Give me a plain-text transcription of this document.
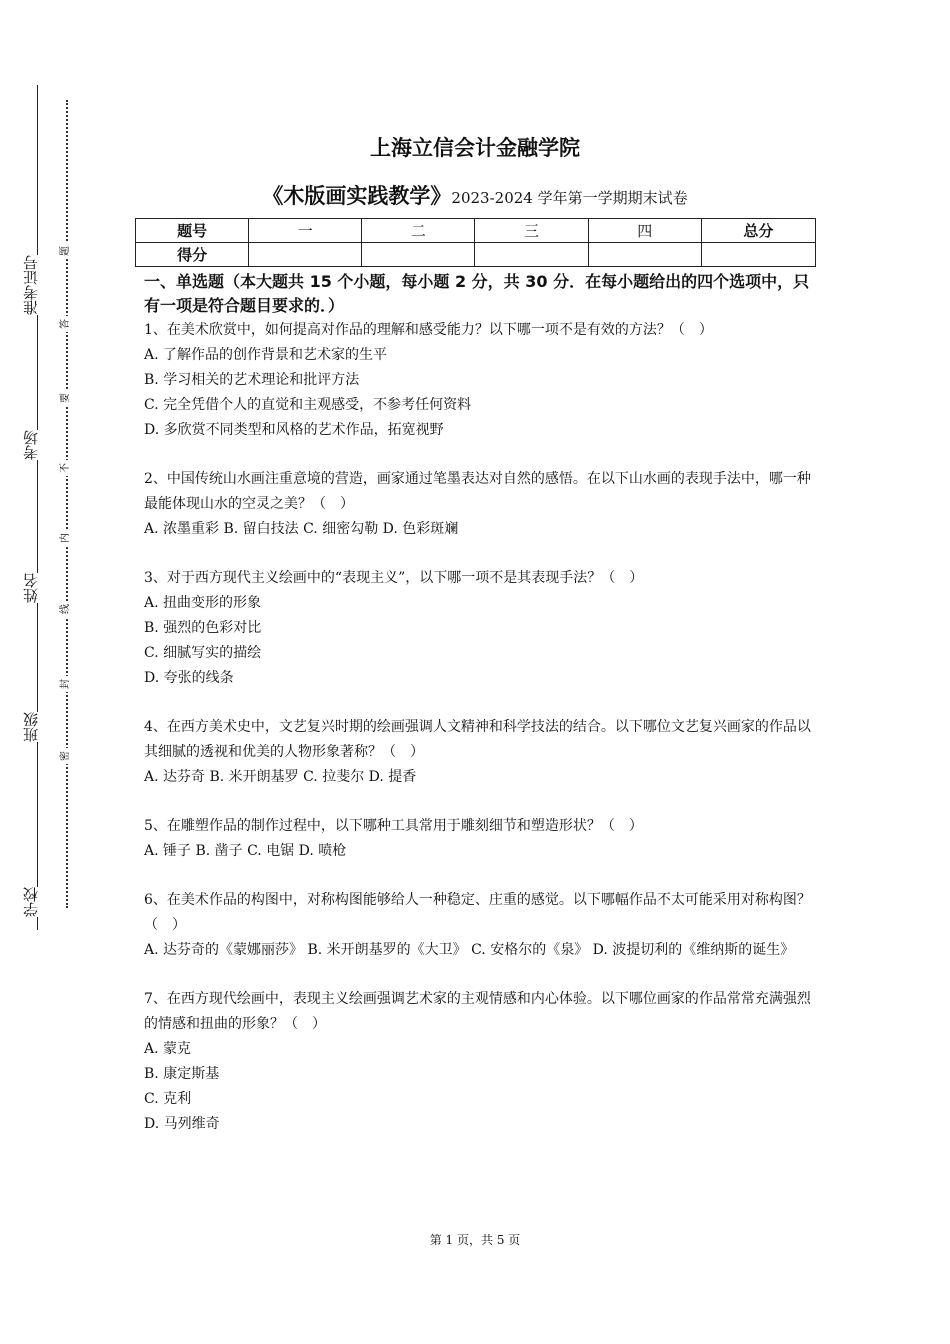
准考证号
考场
姓名
班级
学校
题
答
要
不
内
线
封
密
上海立信会计金融学院
《木版画实践教学》2023-2024 学年第一学期期末试卷
题号	一	二	三	四	总分
得分					

一、单选题（本大题共 15 个小题，每小题 2 分，共 30 分．在每小题给出的四个选项中，只有一项是符合题目要求的．）

1、在美术欣赏中，如何提高对作品的理解和感受能力？以下哪一项不是有效的方法？（　）

A. 了解作品的创作背景和艺术家的生平

B. 学习相关的艺术理论和批评方法

C. 完全凭借个人的直觉和主观感受，不参考任何资料

D. 多欣赏不同类型和风格的艺术作品，拓宽视野

2、中国传统山水画注重意境的营造，画家通过笔墨表达对自然的感悟。在以下山水画的表现手法中，哪一种最能体现山水的空灵之美？（　）

A. 浓墨重彩 B. 留白技法 C. 细密勾勒 D. 色彩斑斓

3、对于西方现代主义绘画中的“表现主义”，以下哪一项不是其表现手法？（　）

A. 扭曲变形的形象

B. 强烈的色彩对比

C. 细腻写实的描绘

D. 夸张的线条

4、在西方美术史中，文艺复兴时期的绘画强调人文精神和科学技法的结合。以下哪位文艺复兴画家的作品以其细腻的透视和优美的人物形象著称？（　）

A. 达芬奇 B. 米开朗基罗 C. 拉斐尔 D. 提香

5、在雕塑作品的制作过程中，以下哪种工具常用于雕刻细节和塑造形状？（　）

A. 锤子 B. 凿子 C. 电锯 D. 喷枪

6、在美术作品的构图中，对称构图能够给人一种稳定、庄重的感觉。以下哪幅作品不太可能采用对称构图？（　）

A. 达芬奇的《蒙娜丽莎》 B. 米开朗基罗的《大卫》 C. 安格尔的《泉》 D. 波提切利的《维纳斯的诞生》

7、在西方现代绘画中，表现主义绘画强调艺术家的主观情感和内心体验。以下哪位画家的作品常常充满强烈的情感和扭曲的形象？（　）

A. 蒙克

B. 康定斯基

C. 克利

D. 马列维奇

第 1 页，共 5 页
